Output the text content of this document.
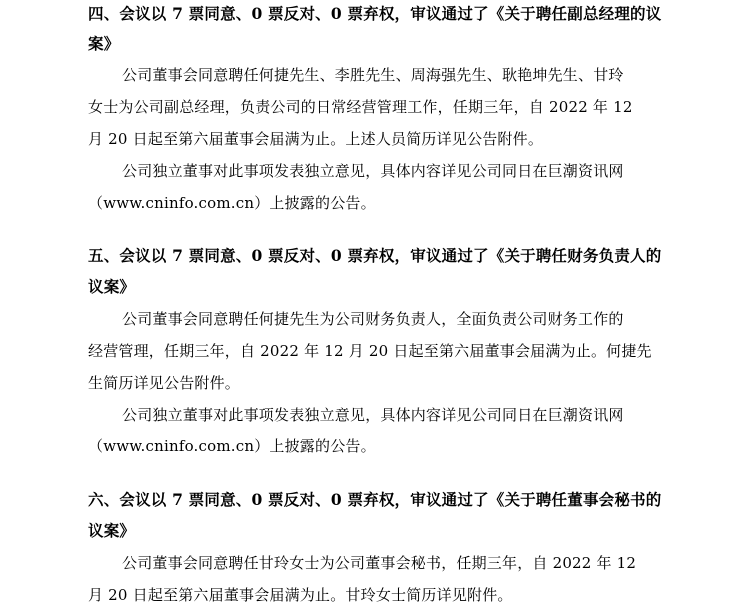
四、会议以 7 票同意、0 票反对、0 票弃权，审议通过了《关于聘任副总经理的议
案》
公司董事会同意聘任何捷先生、李胜先生、周海强先生、耿艳坤先生、甘玲
女士为公司副总经理，负责公司的日常经营管理工作，任期三年，自 2022 年 12
月 20 日起至第六届董事会届满为止。上述人员简历详见公告附件。
公司独立董事对此事项发表独立意见，具体内容详见公司同日在巨潮资讯网
（www.cninfo.com.cn）上披露的公告。
五、会议以 7 票同意、0 票反对、0 票弃权，审议通过了《关于聘任财务负责人的
议案》
公司董事会同意聘任何捷先生为公司财务负责人，全面负责公司财务工作的
经营管理，任期三年，自 2022 年 12 月 20 日起至第六届董事会届满为止。何捷先
生简历详见公告附件。
公司独立董事对此事项发表独立意见，具体内容详见公司同日在巨潮资讯网
（www.cninfo.com.cn）上披露的公告。
六、会议以 7 票同意、0 票反对、0 票弃权，审议通过了《关于聘任董事会秘书的
议案》
公司董事会同意聘任甘玲女士为公司董事会秘书，任期三年，自 2022 年 12
月 20 日起至第六届董事会届满为止。甘玲女士简历详见附件。
